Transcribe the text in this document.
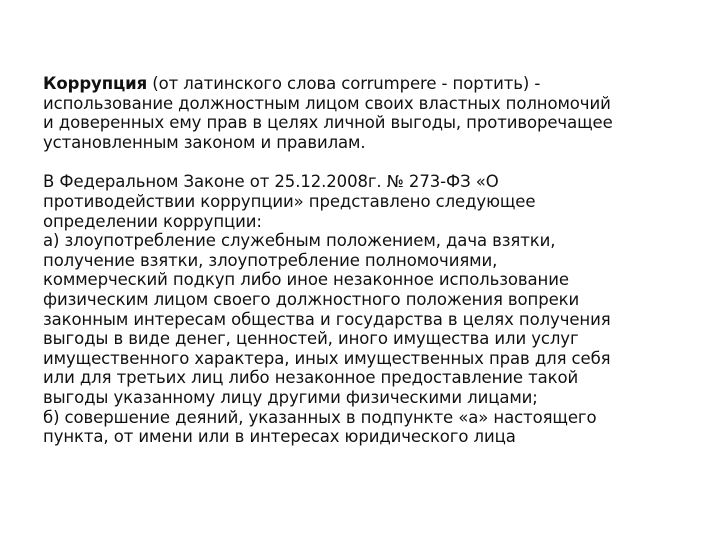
Коррупция (от латинского слова corrumpere - портить) -
использование должностным лицом своих властных полномочий
и доверенных ему прав в целях личной выгоды, противоречащее
установленным законом и правилам.

В Федеральном Законе от 25.12.2008г. № 273-ФЗ «О
противодействии коррупции» представлено следующее
определении коррупции:

а) злоупотребление служебным положением, дача взятки,
получение взятки, злоупотребление полномочиями,
коммерческий подкуп либо иное незаконное использование
физическим лицом своего должностного положения вопреки
законным интересам общества и государства в целях получения
выгоды в виде денег, ценностей, иного имущества или услуг
имущественного характера, иных имущественных прав для себя
или для третьих лиц либо незаконное предоставление такой
выгоды указанному лицу другими физическими лицами;

б) совершение деяний, указанных в подпункте «а» настоящего
пункта, от имени или в интересах юридического лица
